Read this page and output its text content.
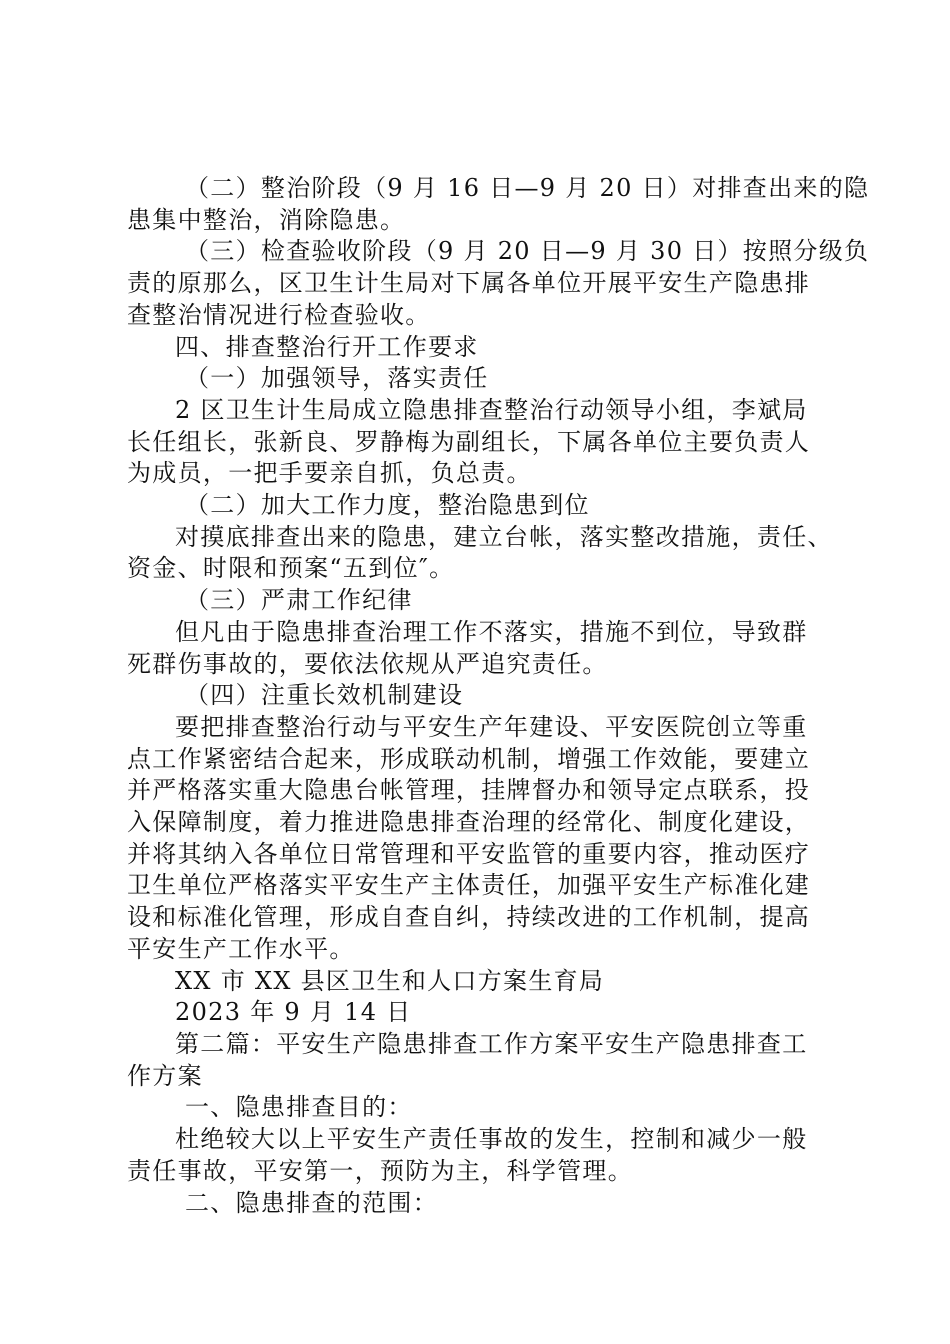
（二）整治阶段（9 月 16 日—9 月 20 日）对排查出来的隐
患集中整治，消除隐患。
（三）检查验收阶段（9 月 20 日—9 月 30 日）按照分级负
责的原那么，区卫生计生局对下属各单位开展平安生产隐患排
查整治情况进行检查验收。
四、排查整治行开工作要求
（一）加强领导，落实责任
2 区卫生计生局成立隐患排查整治行动领导小组，李斌局
长任组长，张新良、罗静梅为副组长，下属各单位主要负责人
为成员，一把手要亲自抓，负总责。
（二）加大工作力度，整治隐患到位
对摸底排查出来的隐患，建立台帐，落实整改措施，责任、
资金、时限和预案“五到位″。
（三）严肃工作纪律
但凡由于隐患排查治理工作不落实，措施不到位，导致群
死群伤事故的，要依法依规从严追究责任。
（四）注重长效机制建设
要把排查整治行动与平安生产年建设、平安医院创立等重
点工作紧密结合起来，形成联动机制，增强工作效能，要建立
并严格落实重大隐患台帐管理，挂牌督办和领导定点联系，投
入保障制度，着力推进隐患排查治理的经常化、制度化建设，
并将其纳入各单位日常管理和平安监管的重要内容，推动医疗
卫生单位严格落实平安生产主体责任，加强平安生产标准化建
设和标准化管理，形成自查自纠，持续改进的工作机制，提高
平安生产工作水平。
XX 市 XX 县区卫生和人口方案生育局
2023 年 9 月 14 日
第二篇：平安生产隐患排查工作方案平安生产隐患排查工
作方案
一、隐患排查目的：
杜绝较大以上平安生产责任事故的发生，控制和减少一般
责任事故，平安第一，预防为主，科学管理。
二、隐患排查的范围：
